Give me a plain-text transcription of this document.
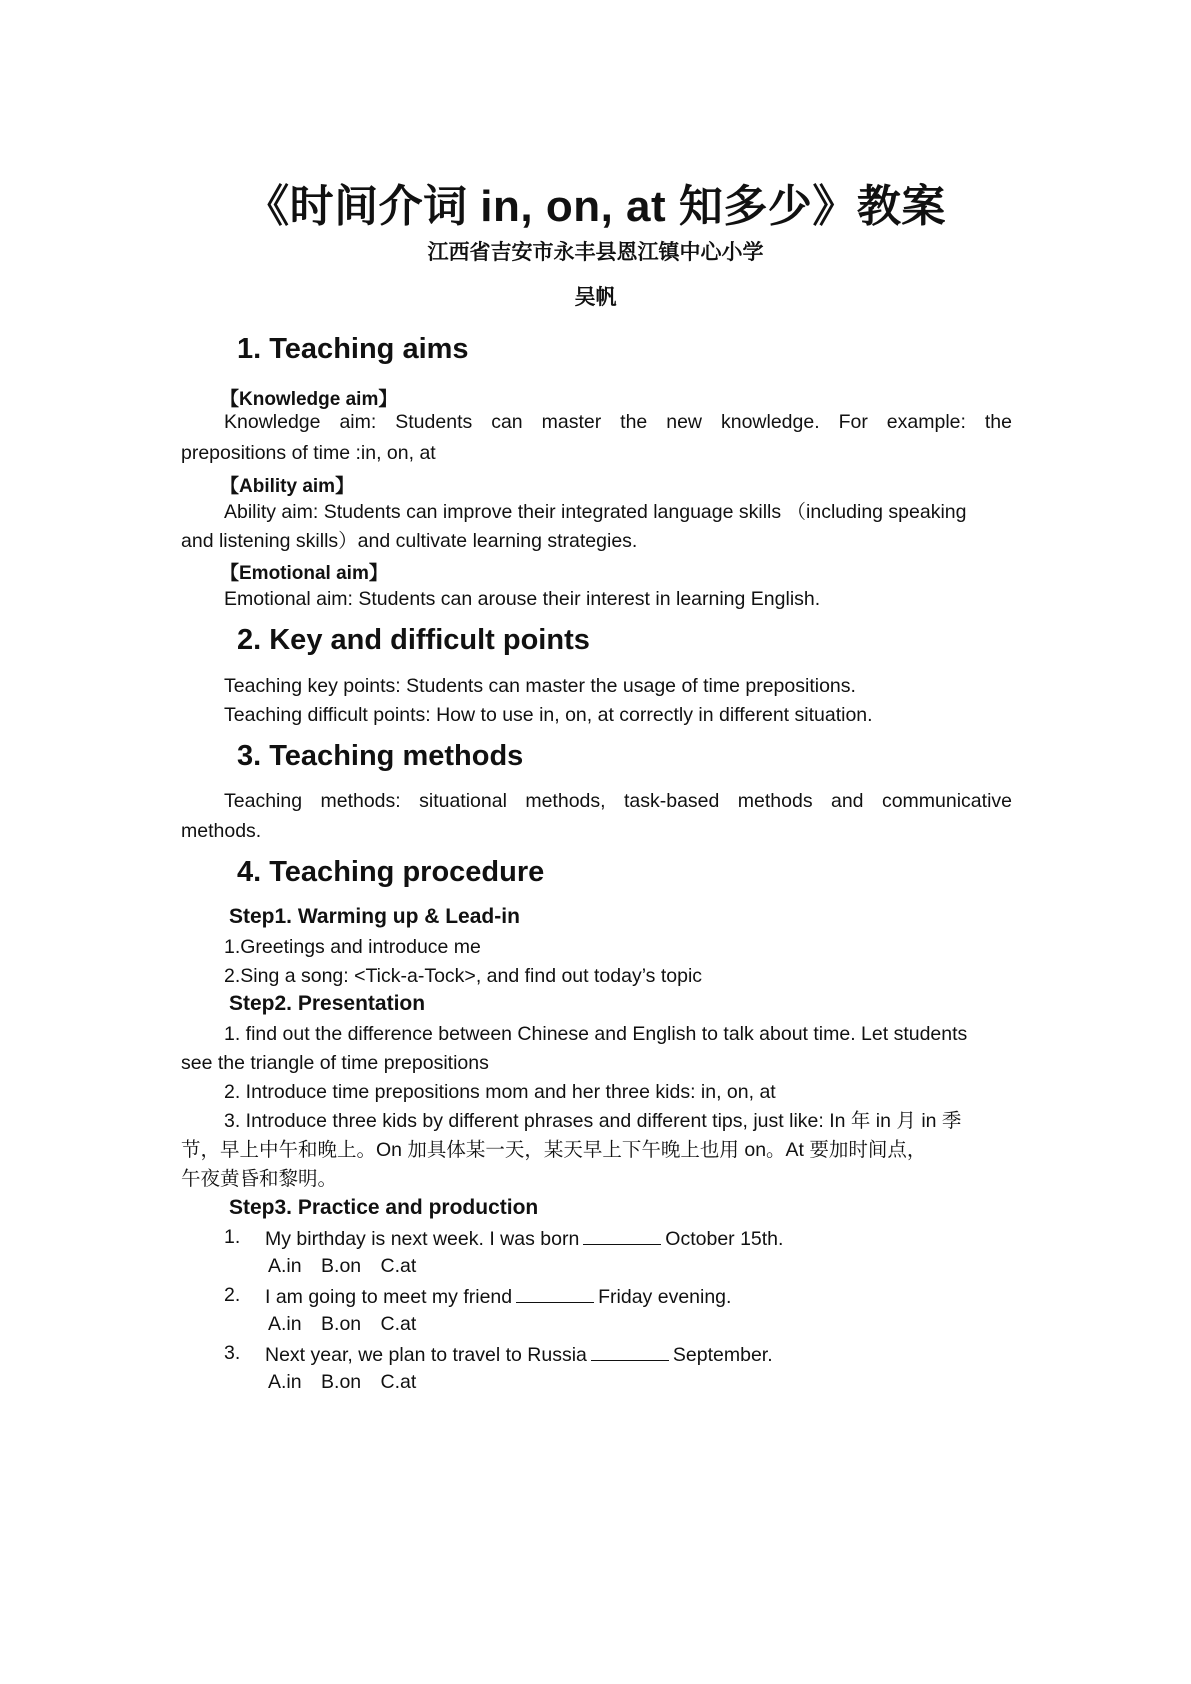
《时间介词 in, on, at 知多少》教案
江西省吉安市永丰县恩江镇中心小学
吴帆
1. Teaching aims
【Knowledge aim】
Knowledge aim: Students can master the new knowledge. For example: the
prepositions of time :in, on, at
【Ability aim】
Ability aim: Students can improve their integrated language skills （including speaking
and listening skills）and cultivate learning strategies.
【Emotional aim】
Emotional aim: Students can arouse their interest in learning English.
2. Key and difficult points
Teaching key points: Students can master the usage of time prepositions.
Teaching difficult points: How to use in, on, at correctly in different situation.
3. Teaching methods
Teaching methods: situational methods, task-based methods and communicative
methods.
4. Teaching procedure
Step1. Warming up & Lead-in
1.Greetings and introduce me
2.Sing a song: <Tick-a-Tock>, and find out today’s topic
Step2. Presentation
1. find out the difference between Chinese and English to talk about time. Let students
see the triangle of time prepositions
2. Introduce time prepositions mom and her three kids: in, on, at
3. Introduce three kids by different phrases and different tips, just like: In 年 in 月 in 季
节，早上中午和晚上。On 加具体某一天，某天早上下午晚上也用 on。At 要加时间点，
午夜黄昏和黎明。
Step3. Practice and production
1. My birthday is next week. I was born	October 15th.
A.in B.on C.at
2. I am going to meet my friend	Friday evening.
A.in B.on C.at
3. Next year, we plan to travel to Russia	September.
A.in B.on C.at
